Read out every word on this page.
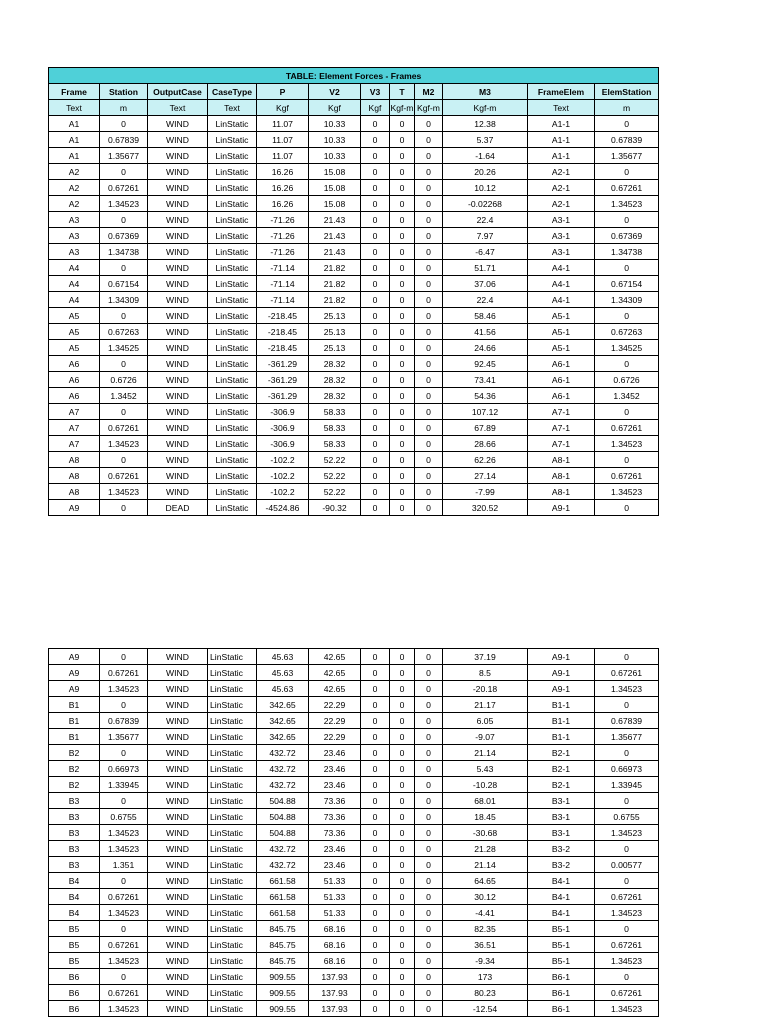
TABLE: Element Forces - Frames											
Frame	Station	OutputCase	CaseType	P	V2	V3	T	M2	M3	FrameElem	ElemStation
Text	m	Text	Text	Kgf	Kgf	Kgf	Kgf-m	Kgf-m	Kgf-m	Text	m
A1	0	WIND	LinStatic	11.07	10.33	0	0	0	12.38	A1-1	0
A1	0.67839	WIND	LinStatic	11.07	10.33	0	0	0	5.37	A1-1	0.67839
A1	1.35677	WIND	LinStatic	11.07	10.33	0	0	0	-1.64	A1-1	1.35677
A2	0	WIND	LinStatic	16.26	15.08	0	0	0	20.26	A2-1	0
A2	0.67261	WIND	LinStatic	16.26	15.08	0	0	0	10.12	A2-1	0.67261
A2	1.34523	WIND	LinStatic	16.26	15.08	0	0	0	-0.02268	A2-1	1.34523
A3	0	WIND	LinStatic	-71.26	21.43	0	0	0	22.4	A3-1	0
A3	0.67369	WIND	LinStatic	-71.26	21.43	0	0	0	7.97	A3-1	0.67369
A3	1.34738	WIND	LinStatic	-71.26	21.43	0	0	0	-6.47	A3-1	1.34738
A4	0	WIND	LinStatic	-71.14	21.82	0	0	0	51.71	A4-1	0
A4	0.67154	WIND	LinStatic	-71.14	21.82	0	0	0	37.06	A4-1	0.67154
A4	1.34309	WIND	LinStatic	-71.14	21.82	0	0	0	22.4	A4-1	1.34309
A5	0	WIND	LinStatic	-218.45	25.13	0	0	0	58.46	A5-1	0
A5	0.67263	WIND	LinStatic	-218.45	25.13	0	0	0	41.56	A5-1	0.67263
A5	1.34525	WIND	LinStatic	-218.45	25.13	0	0	0	24.66	A5-1	1.34525
A6	0	WIND	LinStatic	-361.29	28.32	0	0	0	92.45	A6-1	0
A6	0.6726	WIND	LinStatic	-361.29	28.32	0	0	0	73.41	A6-1	0.6726
A6	1.3452	WIND	LinStatic	-361.29	28.32	0	0	0	54.36	A6-1	1.3452
A7	0	WIND	LinStatic	-306.9	58.33	0	0	0	107.12	A7-1	0
A7	0.67261	WIND	LinStatic	-306.9	58.33	0	0	0	67.89	A7-1	0.67261
A7	1.34523	WIND	LinStatic	-306.9	58.33	0	0	0	28.66	A7-1	1.34523
A8	0	WIND	LinStatic	-102.2	52.22	0	0	0	62.26	A8-1	0
A8	0.67261	WIND	LinStatic	-102.2	52.22	0	0	0	27.14	A8-1	0.67261
A8	1.34523	WIND	LinStatic	-102.2	52.22	0	0	0	-7.99	A8-1	1.34523
A9	0	DEAD	LinStatic	-4524.86	-90.32	0	0	0	320.52	A9-1	0
A9	0	WIND	LinStatic	45.63	42.65	0	0	0	37.19	A9-1	0
A9	0.67261	WIND	LinStatic	45.63	42.65	0	0	0	8.5	A9-1	0.67261
A9	1.34523	WIND	LinStatic	45.63	42.65	0	0	0	-20.18	A9-1	1.34523
B1	0	WIND	LinStatic	342.65	22.29	0	0	0	21.17	B1-1	0
B1	0.67839	WIND	LinStatic	342.65	22.29	0	0	0	6.05	B1-1	0.67839
B1	1.35677	WIND	LinStatic	342.65	22.29	0	0	0	-9.07	B1-1	1.35677
B2	0	WIND	LinStatic	432.72	23.46	0	0	0	21.14	B2-1	0
B2	0.66973	WIND	LinStatic	432.72	23.46	0	0	0	5.43	B2-1	0.66973
B2	1.33945	WIND	LinStatic	432.72	23.46	0	0	0	-10.28	B2-1	1.33945
B3	0	WIND	LinStatic	504.88	73.36	0	0	0	68.01	B3-1	0
B3	0.6755	WIND	LinStatic	504.88	73.36	0	0	0	18.45	B3-1	0.6755
B3	1.34523	WIND	LinStatic	504.88	73.36	0	0	0	-30.68	B3-1	1.34523
B3	1.34523	WIND	LinStatic	432.72	23.46	0	0	0	21.28	B3-2	0
B3	1.351	WIND	LinStatic	432.72	23.46	0	0	0	21.14	B3-2	0.00577
B4	0	WIND	LinStatic	661.58	51.33	0	0	0	64.65	B4-1	0
B4	0.67261	WIND	LinStatic	661.58	51.33	0	0	0	30.12	B4-1	0.67261
B4	1.34523	WIND	LinStatic	661.58	51.33	0	0	0	-4.41	B4-1	1.34523
B5	0	WIND	LinStatic	845.75	68.16	0	0	0	82.35	B5-1	0
B5	0.67261	WIND	LinStatic	845.75	68.16	0	0	0	36.51	B5-1	0.67261
B5	1.34523	WIND	LinStatic	845.75	68.16	0	0	0	-9.34	B5-1	1.34523
B6	0	WIND	LinStatic	909.55	137.93	0	0	0	173	B6-1	0
B6	0.67261	WIND	LinStatic	909.55	137.93	0	0	0	80.23	B6-1	0.67261
B6	1.34523	WIND	LinStatic	909.55	137.93	0	0	0	-12.54	B6-1	1.34523
